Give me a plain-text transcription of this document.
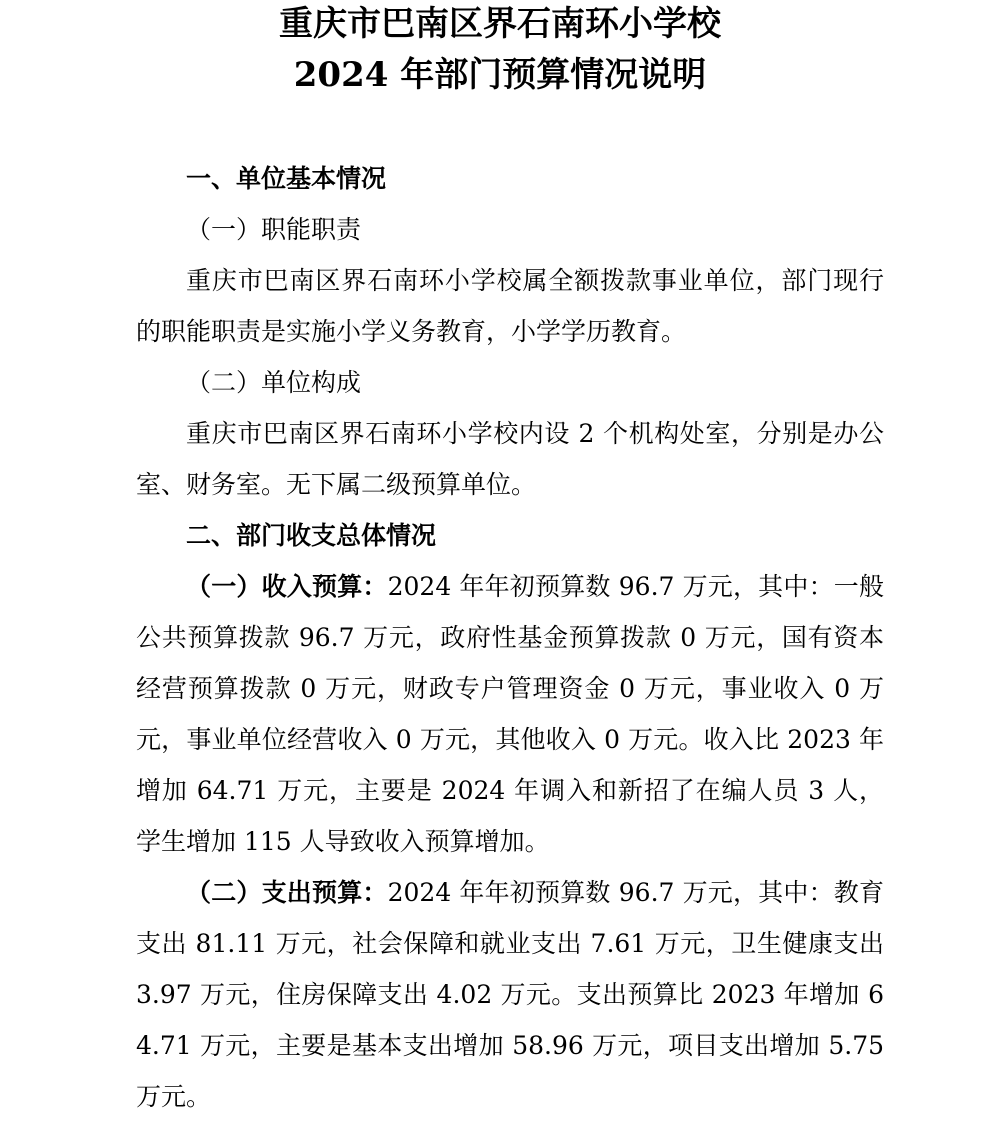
重庆市巴南区界石南环小学校
2024 年部门预算情况说明
一、单位基本情况
（一）职能职责
重庆市巴南区界石南环小学校属全额拨款事业单位，部门现行的职能职责是实施小学义务教育，小学学历教育。
（二）单位构成
重庆市巴南区界石南环小学校内设 2 个机构处室，分别是办公室、财务室。无下属二级预算单位。
二、部门收支总体情况
（一）收入预算：2024 年年初预算数 96.7 万元，其中：一般公共预算拨款 96.7 万元，政府性基金预算拨款 0 万元，国有资本经营预算拨款 0 万元，财政专户管理资金 0 万元，事业收入 0 万元，事业单位经营收入 0 万元，其他收入 0 万元。收入比 2023 年增加 64.71 万元，主要是 2024 年调入和新招了在编人员 3 人，学生增加 115 人导致收入预算增加。
（二）支出预算：2024 年年初预算数 96.7 万元，其中：教育支出 81.11 万元，社会保障和就业支出 7.61 万元，卫生健康支出 3.97 万元，住房保障支出 4.02 万元。支出预算比 2023 年增加 64.71 万元，主要是基本支出增加 58.96 万元，项目支出增加 5.75 万元。
